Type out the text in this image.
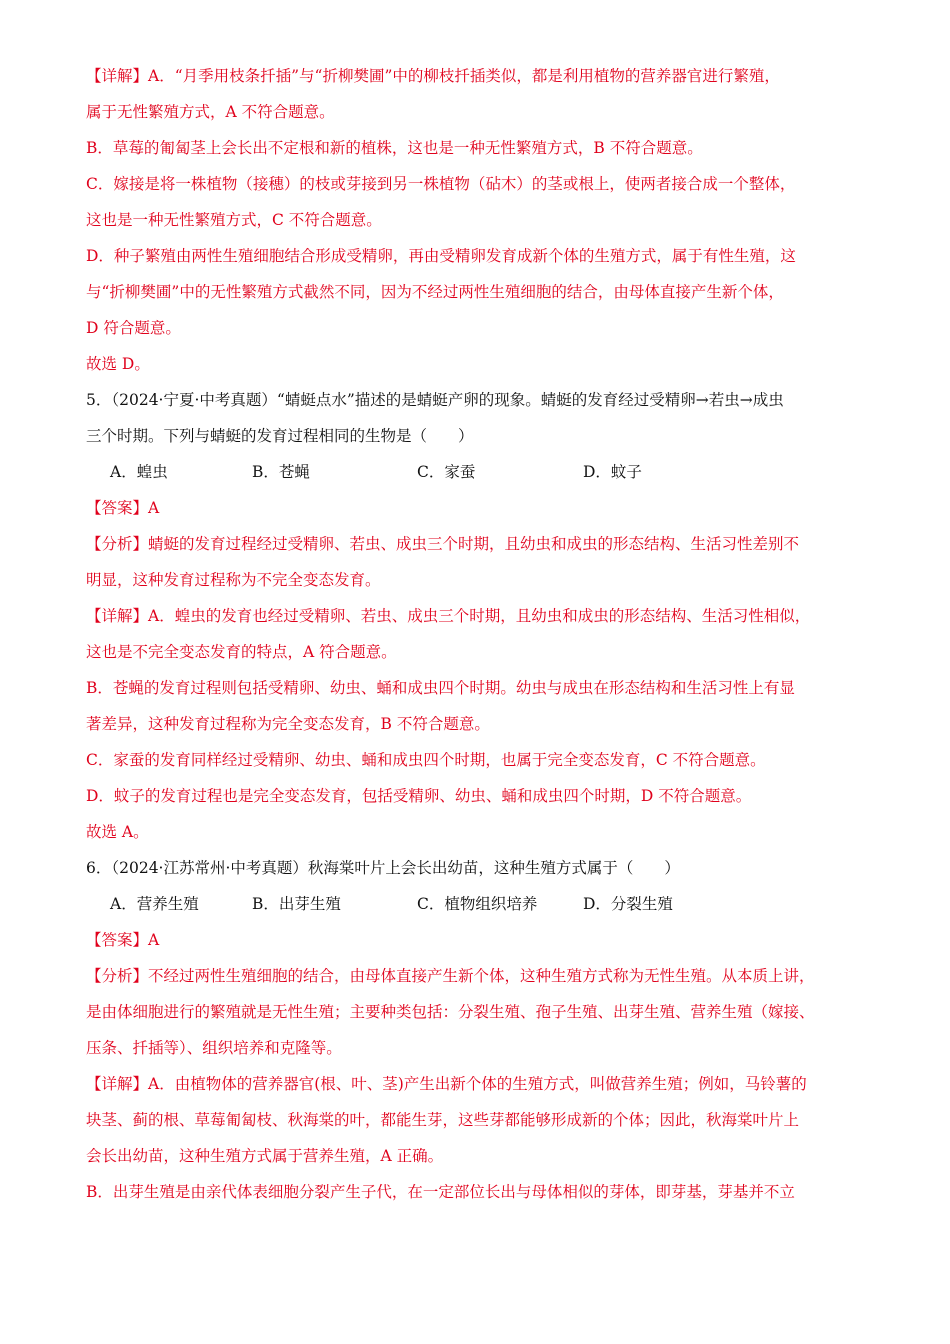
【详解】A．“月季用枝条扦插”与“折柳樊圃”中的柳枝扦插类似，都是利用植物的营养器官进行繁殖，
属于无性繁殖方式，A 不符合题意。
B．草莓的匍匐茎上会长出不定根和新的植株，这也是一种无性繁殖方式，B 不符合题意。
C．嫁接是将一株植物（接穗）的枝或芽接到另一株植物（砧木）的茎或根上，使两者接合成一个整体，
这也是一种无性繁殖方式，C 不符合题意。
D．种子繁殖由两性生殖细胞结合形成受精卵，再由受精卵发育成新个体的生殖方式，属于有性生殖，这
与“折柳樊圃”中的无性繁殖方式截然不同，因为不经过两性生殖细胞的结合，由母体直接产生新个体，
D 符合题意。
故选 D。
5．（2024·宁夏·中考真题）“蜻蜓点水”描述的是蜻蜓产卵的现象。蜻蜓的发育经过受精卵→若虫→成虫
三个时期。下列与蜻蜓的发育过程相同的生物是（　　）
A．蝗虫	B．苍蝇	C．家蚕	D．蚊子
【答案】A
【分析】蜻蜓的发育过程经过受精卵、若虫、成虫三个时期，且幼虫和成虫的形态结构、生活习性差别不
明显，这种发育过程称为不完全变态发育。
【详解】A．蝗虫的发育也经过受精卵、若虫、成虫三个时期，且幼虫和成虫的形态结构、生活习性相似，
这也是不完全变态发育的特点，A 符合题意。
B．苍蝇的发育过程则包括受精卵、幼虫、蛹和成虫四个时期。幼虫与成虫在形态结构和生活习性上有显
著差异，这种发育过程称为完全变态发育，B 不符合题意。
C．家蚕的发育同样经过受精卵、幼虫、蛹和成虫四个时期，也属于完全变态发育，C 不符合题意。
D．蚊子的发育过程也是完全变态发育，包括受精卵、幼虫、蛹和成虫四个时期，D 不符合题意。
故选 A。
6．（2024·江苏常州·中考真题）秋海棠叶片上会长出幼苗，这种生殖方式属于（　　）
A．营养生殖	B．出芽生殖	C．植物组织培养	D．分裂生殖
【答案】A
【分析】不经过两性生殖细胞的结合，由母体直接产生新个体，这种生殖方式称为无性生殖。从本质上讲，
是由体细胞进行的繁殖就是无性生殖；主要种类包括：分裂生殖、孢子生殖、出芽生殖、营养生殖（嫁接、
压条、扦插等）、组织培养和克隆等。
【详解】A．由植物体的营养器官(根、叶、茎)产生出新个体的生殖方式，叫做营养生殖；例如，马铃薯的
块茎、蓟的根、草莓匍匐枝、秋海棠的叶，都能生芽，这些芽都能够形成新的个体；因此，秋海棠叶片上
会长出幼苗，这种生殖方式属于营养生殖，A 正确。
B．出芽生殖是由亲代体表细胞分裂产生子代，在一定部位长出与母体相似的芽体，即芽基，芽基并不立
